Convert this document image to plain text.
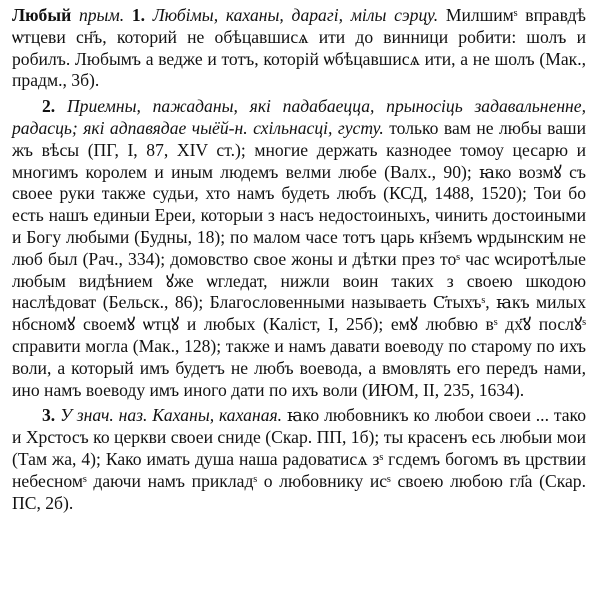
Любый прым. 1. Любімы, каханы, дарагі, мілы сэрцу. Милшимˢ вправдѣ ѡтцеви сн҃ъ, которий не обѣцавшисѧ ити до винници робити: шолъ и робилъ. Любымъ а ведже и тотъ, которій ѡбѣцавшисѧ ити, а не шолъ (Мак., прадм., 3б).

2. Приемны, пажаданы, які падабаецца, прыносіць задавальненне, радасць; які адпавядае чыёй-н. схільнасці, густу. только вам не любы ваши жъ вѣсы (ПГ, I, 87, XIV ст.); многие держать казнодее томоу цесарю и многимъ королем и иным людемъ велми любе (Валх., 90); ꙗко возмꙋ съ своее руки также судьи, хто намъ будеть любъ (КСД, 1488, 1520); Тои бо есть нашъ единыи Ереи, которыи з насъ недостоиныхъ, чинить достоиными и Богу любыми (Будны, 18); по малом часе тотъ царь кн҃земъ ѡрдынским не люб был (Рач., 334); домовство свое жоны и дѣтки през тоˢ час ѡсиротѣлые любым видѣнием ꙋже ѡгледат, нижли воин таких з своею шкодою наслѣдоват (Бельск., 86); Благословенными называеть С҃тыхъˢ, ꙗкъ милых нбсномꙋ своемꙋ ѡтцꙋ и любых (Каліст, I, 25б); емꙋ любвю вˢ дх҃ꙋ послꙋˢ справити могла (Мак., 128); также и намъ давати воеводу по старому по ихъ воли, а который имъ будетъ не любъ воевода, а вмовлять его передъ нами, ино намъ воеводу имъ иного дати по ихъ воли (ИЮМ, II, 235, 1634).

3. У знач. наз. Каханы, каханая. ꙗко любовникъ ко любои своеи ... тако и Хрстосъ ко церкви своеи сниде (Скар. ПП, 1б); ты красенъ есь любыи мои (Там жа, 4); Како имать душа наша радоватисѧ зˢ гсдемъ богомъ въ црствии небесномˢ даючи намъ прикладˢ о любовнику исˢ своею любою гл҃а (Скар. ПС, 2б).
